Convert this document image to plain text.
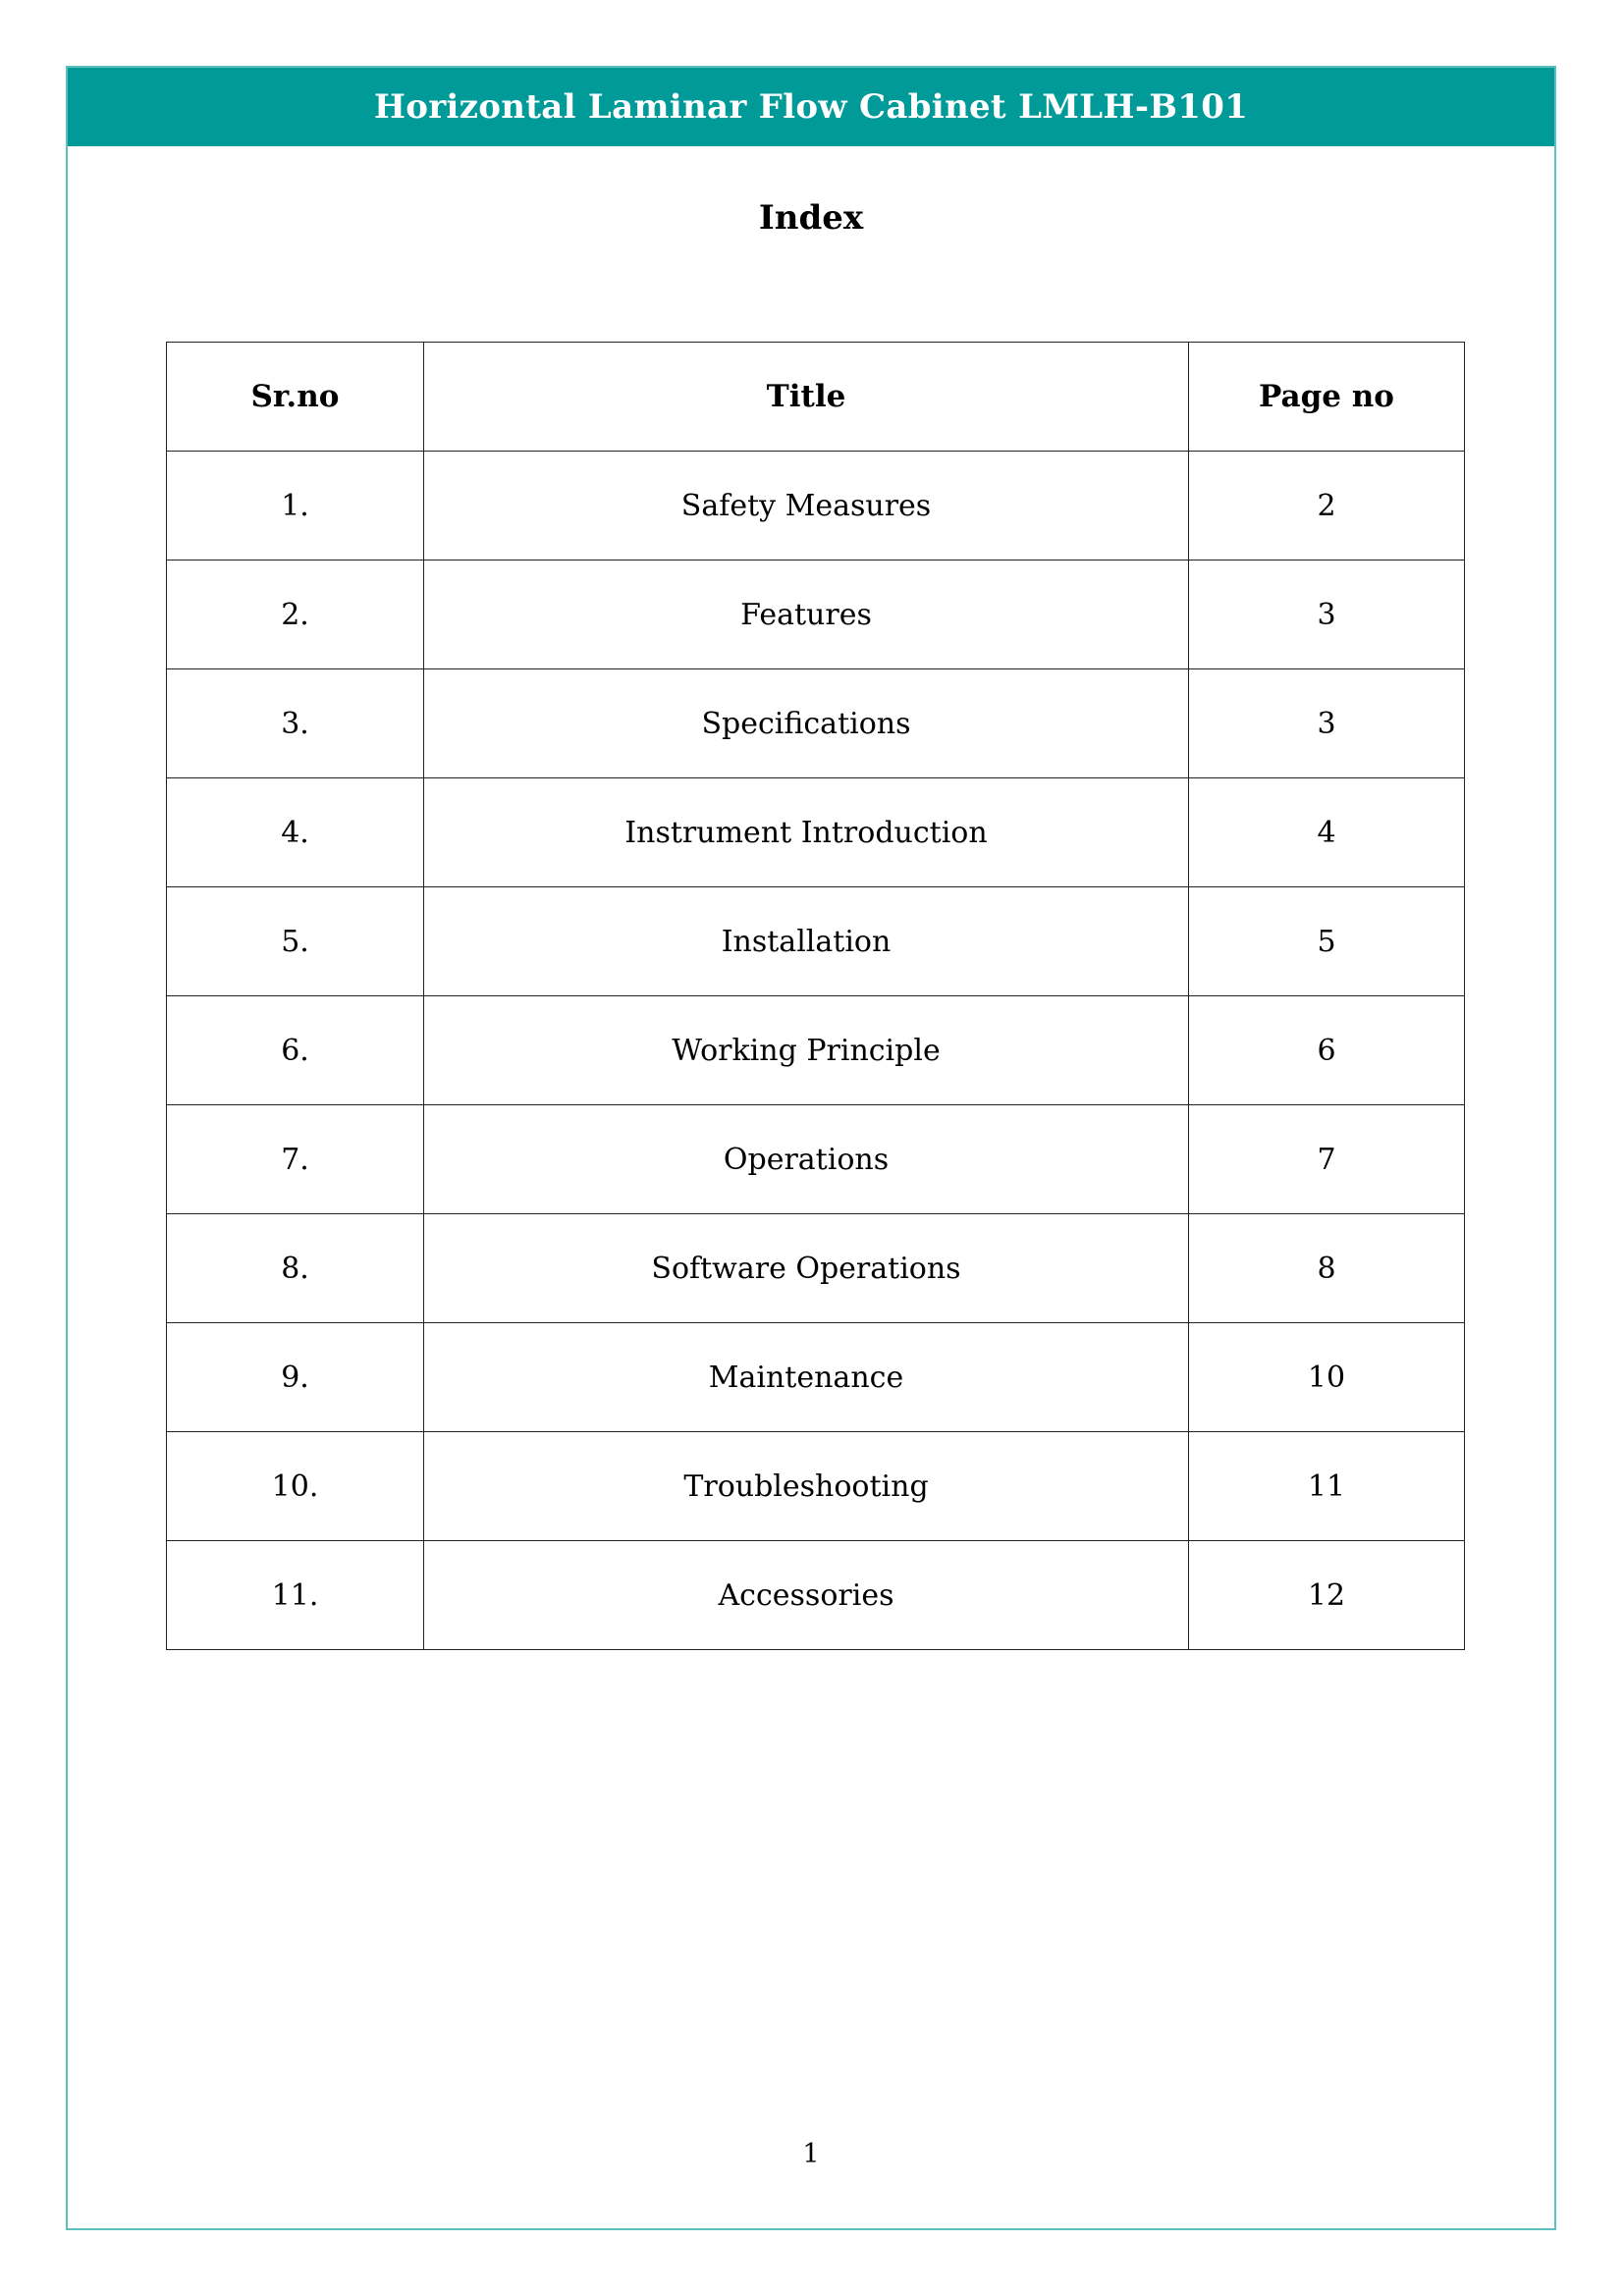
Horizontal Laminar Flow Cabinet LMLH-B101
Index
Sr.no	Title	Page no
1.	Safety Measures	2
2.	Features	3
3.	Specifications	3
4.	Instrument Introduction	4
5.	Installation	5
6.	Working Principle	6
7.	Operations	7
8.	Software Operations	8
9.	Maintenance	10
10.	Troubleshooting	11
11.	Accessories	12
1
